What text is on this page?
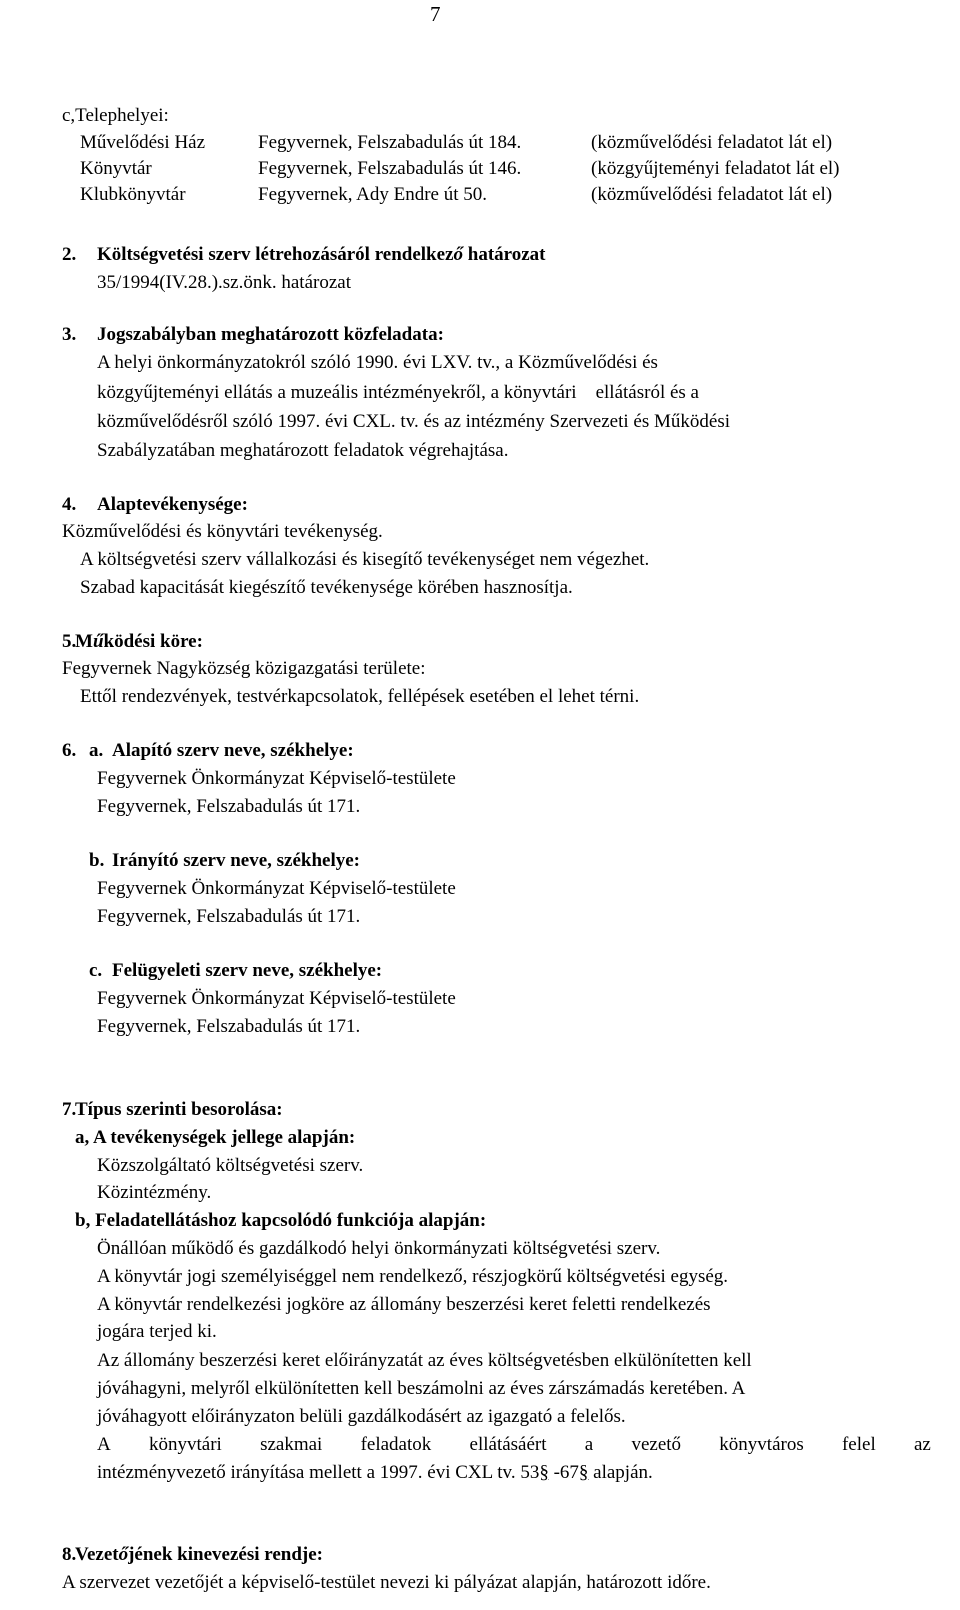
7
c,Telephelyei:
Művelődési Ház	Fegyvernek, Felszabadulás út 184.	(közművelődési feladatot lát el)
Könyvtár	Fegyvernek, Felszabadulás út 146.	(közgyűjteményi feladatot lát el)
Klubkönyvtár	Fegyvernek, Ady Endre út 50.	(közművelődési feladatot lát el)
2. Költségvetési szerv létrehozásáról rendelkező határozat
35/1994(IV.28.).sz.önk. határozat
3. Jogszabályban meghatározott közfeladata:
A helyi önkormányzatokról szóló 1990. évi LXV. tv., a Közművelődési és
közgyűjteményi ellátás a muzeális intézményekről, a könyvtári    ellátásról és a
közművelődésről szóló 1997. évi CXL. tv. és az intézmény Szervezeti és Működési
Szabályzatában meghatározott feladatok végrehajtása.
4. Alaptevékenysége:
Közművelődési és könyvtári tevékenység.
A költségvetési szerv vállalkozási és kisegítő tevékenységet nem végezhet.
Szabad kapacitását kiegészítő tevékenysége körében hasznosítja.
5.
Működési köre:
Fegyvernek Nagyközség közigazgatási területe:
Ettől rendezvények, testvérkapcsolatok, fellépések esetében el lehet térni.
6. a. Alapító szerv neve, székhelye:
Fegyvernek Önkormányzat Képviselő-testülete
Fegyvernek, Felszabadulás út 171.
b. Irányító szerv neve, székhelye:
Fegyvernek Önkormányzat Képviselő-testülete
Fegyvernek, Felszabadulás út 171.
c. Felügyeleti szerv neve, székhelye:
Fegyvernek Önkormányzat Képviselő-testülete
Fegyvernek, Felszabadulás út 171.
7.
Típus szerinti besorolása:
a, A tevékenységek jellege alapján:
Közszolgáltató költségvetési szerv.
Közintézmény.
b, Feladatellátáshoz kapcsolódó funkciója alapján:
Önállóan működő és gazdálkodó helyi önkormányzati költségvetési szerv.
A könyvtár jogi személyiséggel nem rendelkező, részjogkörű költségvetési egység.
A könyvtár rendelkezési jogköre az állomány beszerzési keret feletti rendelkezés
jogára terjed ki.
Az állomány beszerzési keret előirányzatát az éves költségvetésben elkülönítetten kell
jóváhagyni, melyről elkülönítetten kell beszámolni az éves zárszámadás keretében. A
jóváhagyott előirányzaton belüli gazdálkodásért az igazgató a felelős.
A könyvtári szakmai feladatok ellátásáért a vezető könyvtáros felel az
intézményvezető irányítása mellett a 1997. évi CXL tv. 53§ -67§ alapján.
8.
Vezetőjének kinevezési rendje:
A szervezet vezetőjét a képviselő-testület nevezi ki pályázat alapján, határozott időre.
